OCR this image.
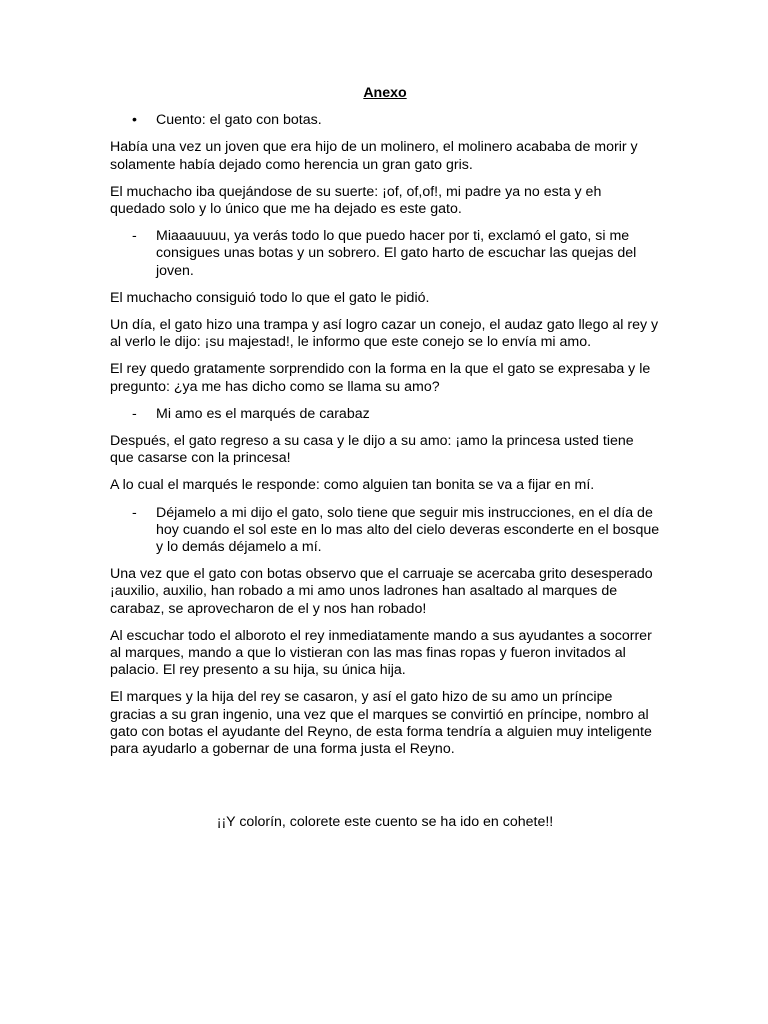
Anexo
• Cuento: el gato con botas.

Había una vez un joven que era hijo de un molinero, el molinero acababa de morir y solamente había dejado como herencia un gran gato gris.

El muchacho iba quejándose de su suerte: ¡of, of,of!, mi padre ya no esta y eh quedado solo y lo único que me ha dejado es este gato.

- Miaaauuuu, ya verás todo lo que puedo hacer por ti, exclamó el gato, si me consigues unas botas y un sobrero. El gato harto de escuchar las quejas del joven.

El muchacho consiguió todo lo que el gato le pidió.

Un día, el gato hizo una trampa y así logro cazar un conejo, el audaz gato llego al rey y al verlo le dijo: ¡su majestad!, le informo que este conejo se lo envía mi amo.

El rey quedo gratamente sorprendido con la forma en la que el gato se expresaba y le pregunto: ¿ya me has dicho como se llama su amo?

- Mi amo es el marqués de carabaz

Después, el gato regreso a su casa y le dijo a su amo: ¡amo la princesa usted tiene que casarse con la princesa!

A lo cual el marqués le responde: como alguien tan bonita se va a fijar en mí.

- Déjamelo a mi dijo el gato, solo tiene que seguir mis instrucciones, en el día de hoy cuando el sol este en lo mas alto del cielo deveras esconderte en el bosque y lo demás déjamelo a mí.

Una vez que el gato con botas observo que el carruaje se acercaba grito desesperado ¡auxilio, auxilio, han robado a mi amo unos ladrones han asaltado al marques de carabaz, se aprovecharon de el y nos han robado!

Al escuchar todo el alboroto el rey inmediatamente mando a sus ayudantes a socorrer al marques, mando a que lo vistieran con las mas finas ropas y fueron invitados al palacio. El rey presento a su hija, su única hija.

El marques y la hija del rey se casaron, y así el gato hizo de su amo un príncipe gracias a su gran ingenio, una vez que el marques se convirtió en príncipe, nombro al gato con botas el ayudante del Reyno, de esta forma tendría a alguien muy inteligente para ayudarlo a gobernar de una forma justa el Reyno.

¡¡Y colorín, colorete este cuento se ha ido en cohete!!
